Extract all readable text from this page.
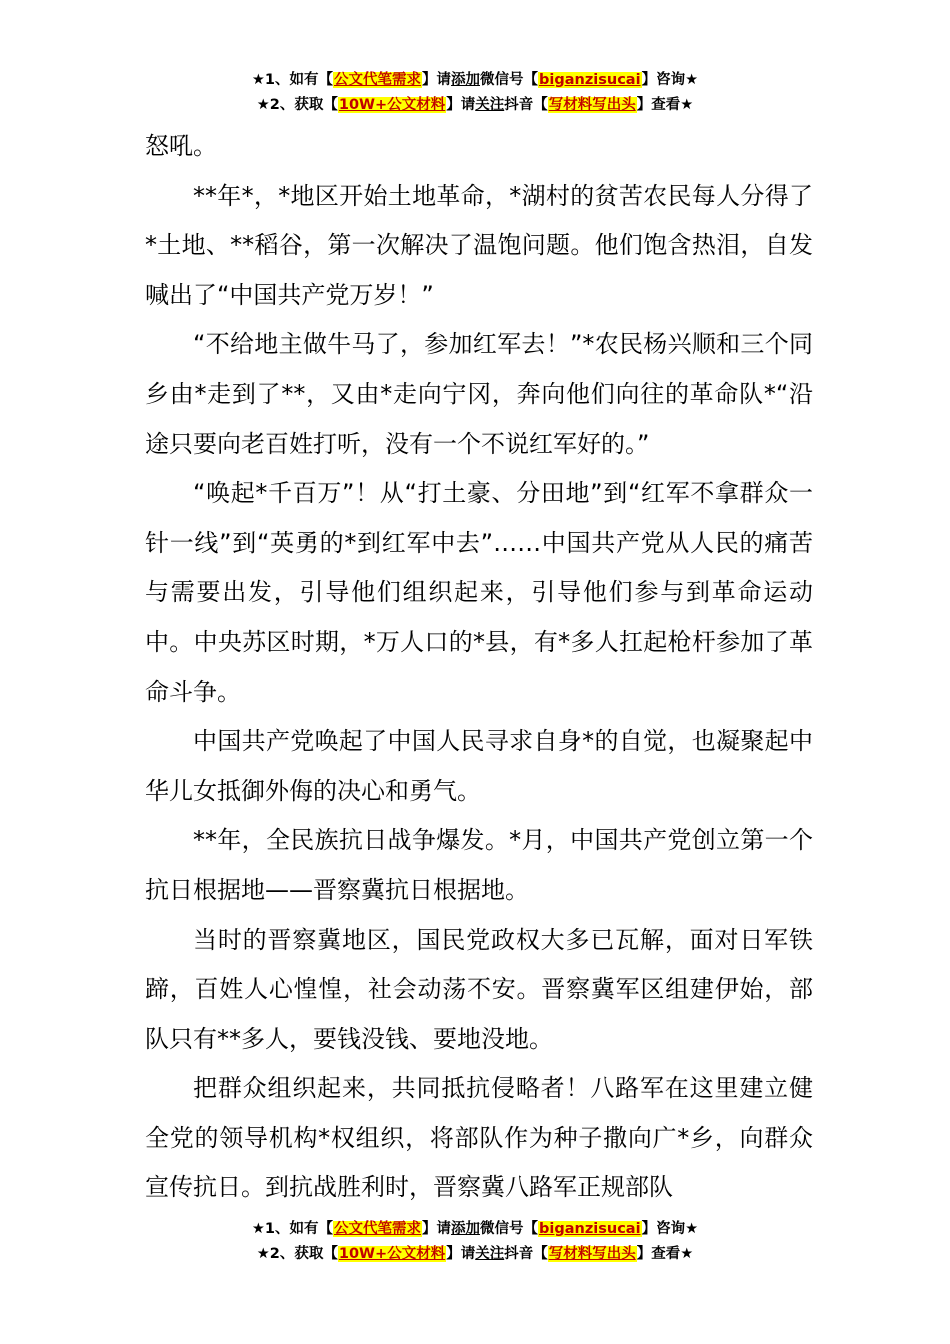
★1、如有【公文代笔需求】请添加微信号【biganzisucai】咨询★
★2、获取【10W+公文材料】请关注抖音【写材料写出头】查看★

怒吼。

**年*，*地区开始土地革命，*湖村的贫苦农民每人分得了*土地、**稻谷，第一次解决了温饱问题。他们饱含热泪，自发喊出了“中国共产党万岁！”

“不给地主做牛马了，参加红军去！”*农民杨兴顺和三个同乡由*走到了**，又由*走向宁冈，奔向他们向往的革命队*“沿途只要向老百姓打听，没有一个不说红军好的。”

“唤起*千百万”！从“打土豪、分田地”到“红军不拿群众一针一线”到“英勇的*到红军中去”……中国共产党从人民的痛苦与需要出发，引导他们组织起来，引导他们参与到革命运动中。中央苏区时期，*万人口的*县，有*多人扛起枪杆参加了革命斗争。

中国共产党唤起了中国人民寻求自身*的自觉，也凝聚起中华儿女抵御外侮的决心和勇气。

**年，全民族抗日战争爆发。*月，中国共产党创立第一个抗日根据地——晋察冀抗日根据地。

当时的晋察冀地区，国民党政权大多已瓦解，面对日军铁蹄，百姓人心惶惶，社会动荡不安。晋察冀军区组建伊始，部队只有**多人，要钱没钱、要地没地。

把群众组织起来，共同抵抗侵略者！八路军在这里建立健全党的领导机构*权组织，将部队作为种子撒向广*乡，向群众宣传抗日。到抗战胜利时，晋察冀八路军正规部队

★1、如有【公文代笔需求】请添加微信号【biganzisucai】咨询★
★2、获取【10W+公文材料】请关注抖音【写材料写出头】查看★
